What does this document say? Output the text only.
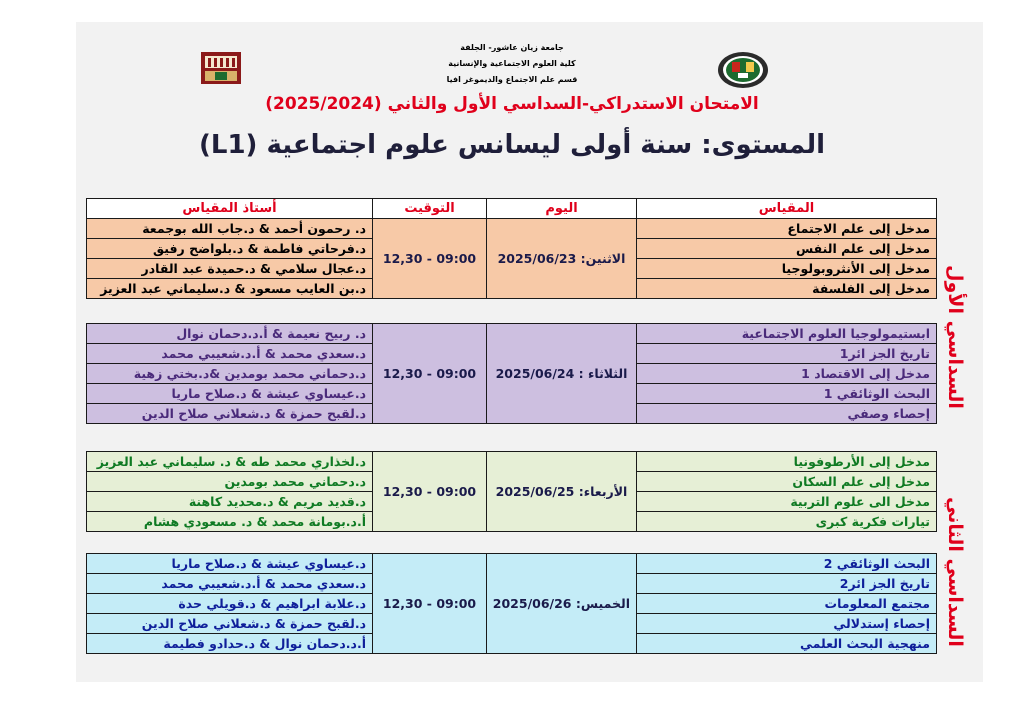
جامعة زيان عاشور- الجلفة
كلية العلوم الاجتماعية والإنسانية
قسم علم الاجتماع والديموغر افيا
الامتحان الاستدراكي-السداسي الأول والثاني (2025/2024)
المستوى: سنة أولى ليسانس علوم اجتماعية (L1)
المقياس	اليوم	التوقيت	أستاذ المقياس
مدخل إلى علم الاجتماع	الاثنين: 2025/06/23	09:00 - 12,30	د. رحمون أحمد & د.جاب الله بوجمعة
مدخل إلى علم النفس			د.فرحاتي فاطمة & د.بلواضح رفيق
مدخل إلى الأنثروبولوجيا			د.عجال سلامي & د.حميدة عبد القادر
مدخل إلى الفلسفة			د.بن العايب مسعود & د.سليماني عبد العزيز
ابستيمولوجيا العلوم الاجتماعية	الثلاثاء : 2025/06/24	09:00 - 12,30	د. ربيح نعيمة & أ.د.دحمان نوال
تاريخ الجز ائر1			د.سعدي محمد & أ.د.شعيبي محمد
مدخل إلى الاقتصاد 1			د.دحماني محمد بومدين &د.بختي زهية
البحث الوثائقي 1			د.عيساوي عيشة & د.صلاح ماريا
إحصاء وصفي			د.لقبح حمزة & د.شعلاني صلاح الدين
مدخل إلى الأرطوفونيا	الأربعاء: 2025/06/25	09:00 - 12,30	د.لخذاري محمد طه & د. سليماني عبد العزيز
مدخل إلى علم السكان			د.دحماني محمد بومدين
مدخل الى علوم التربية			د.قديد مريم & د.محديد كاهنة
تيارات فكرية كبرى			أ.د.بومانة محمد & د. مسعودي هشام
البحث الوثائقي 2	الخميس: 2025/06/26	09:00 - 12,30	د.عيساوي عيشة & د.صلاح ماريا
تاريخ الجز ائر2			د.سعدي محمد & أ.د.شعيبي محمد
مجتمع المعلومات			د.علابة ابراهيم & د.قويلي حدة
إحصاء إستدلالي			د.لقبح حمزة & د.شعلاني صلاح الدين
منهجية البحث العلمي			أ.د.دحمان نوال & د.حدادو فطيمة
السداسي الأول
السداسي الثاني
